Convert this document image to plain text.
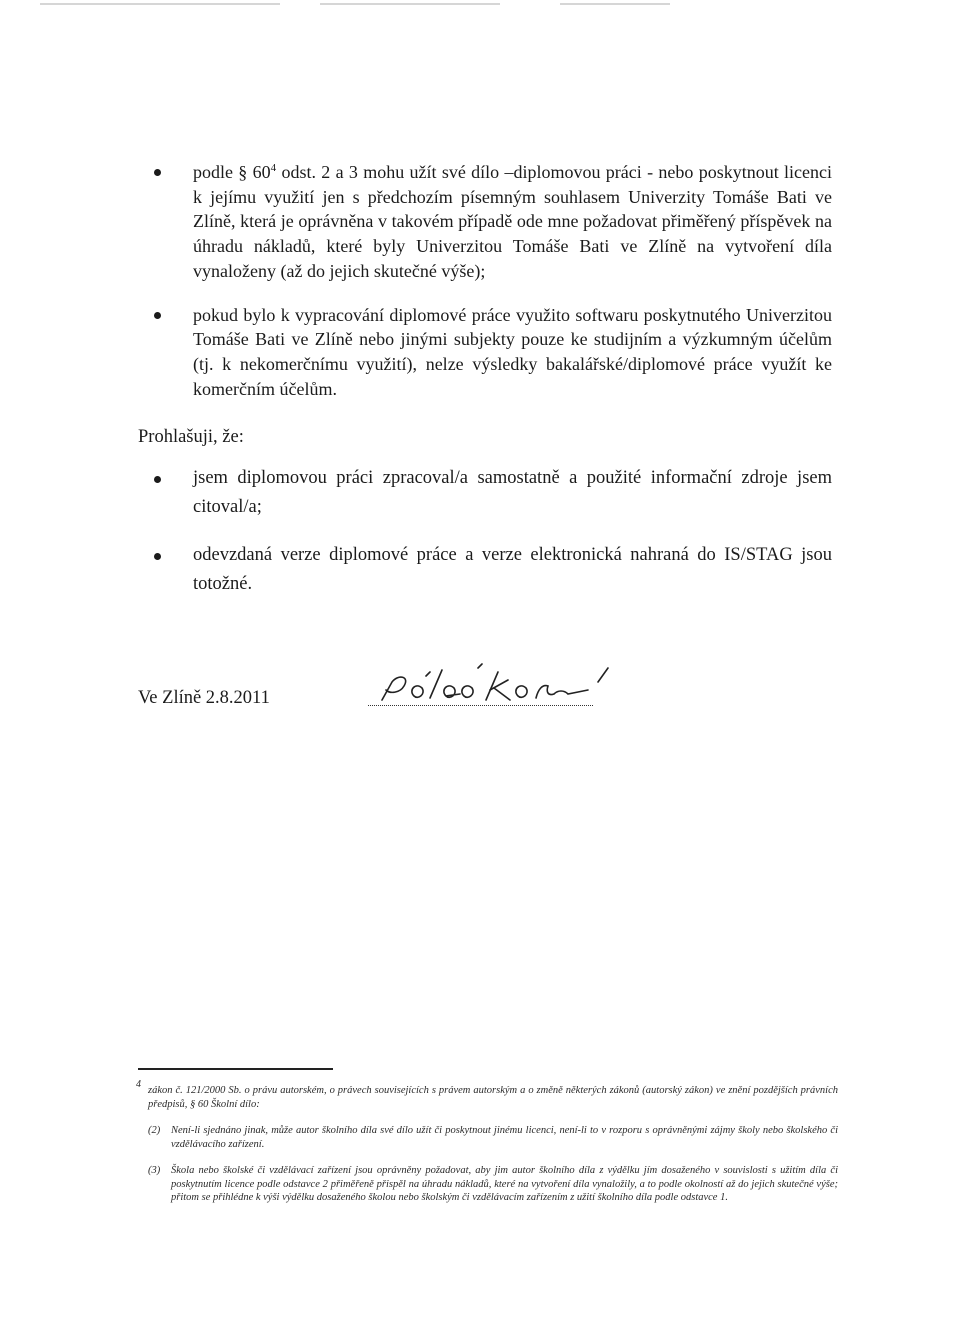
podle § $60^4$ odst. 2 a 3 mohu užít své dílo –diplomovou práci - nebo poskytnout licenci k jejímu využití jen s předchozím písemným souhlasem Univerzity Tomáše Bati ve Zlíně, která je oprávněna v takovém případě ode mne požadovat přiměřený příspěvek na úhradu nákladů, které byly Univerzitou Tomáše Bati ve Zlíně na vytvoření díla vynaloženy (až do jejich skutečné výše);
pokud bylo k vypracování diplomové práce využito softwaru poskytnutého Univerzitou Tomáše Bati ve Zlíně nebo jinými subjekty pouze ke studijním a výzkumným účelům (tj. k nekomerčnímu využití), nelze výsledky bakalářské/diplomové práce využít ke komerčním účelům.
Prohlašuji, že:
jsem diplomovou práci zpracoval/a samostatně a použité informační zdroje jsem citoval/a;
odevzdaná verze diplomové práce a verze elektronická nahraná do IS/STAG jsou totožné.
Ve Zlíně 2.8.2011
4
zákon č. 121/2000 Sb. o právu autorském, o právech souvisejících s právem autorským a o změně některých zákonů (autorský zákon) ve znění pozdějších právních předpisů, § 60 Školní dílo:
(2) Není-li sjednáno jinak, může autor školního díla své dílo užít či poskytnout jinému licenci, není-li to v rozporu s oprávněnými zájmy školy nebo školského či vzdělávacího zařízení.
(3) Škola nebo školské či vzdělávací zařízení jsou oprávněny požadovat, aby jim autor školního díla z výdělku jím dosaženého v souvislosti s užitím díla či poskytnutím licence podle odstavce 2 přiměřeně přispěl na úhradu nákladů, které na vytvoření díla vynaložily, a to podle okolností až do jejich skutečné výše; přitom se přihlédne k výši výdělku dosaženého školou nebo školským či vzdělávacím zařízením z užití školního díla podle odstavce 1.
